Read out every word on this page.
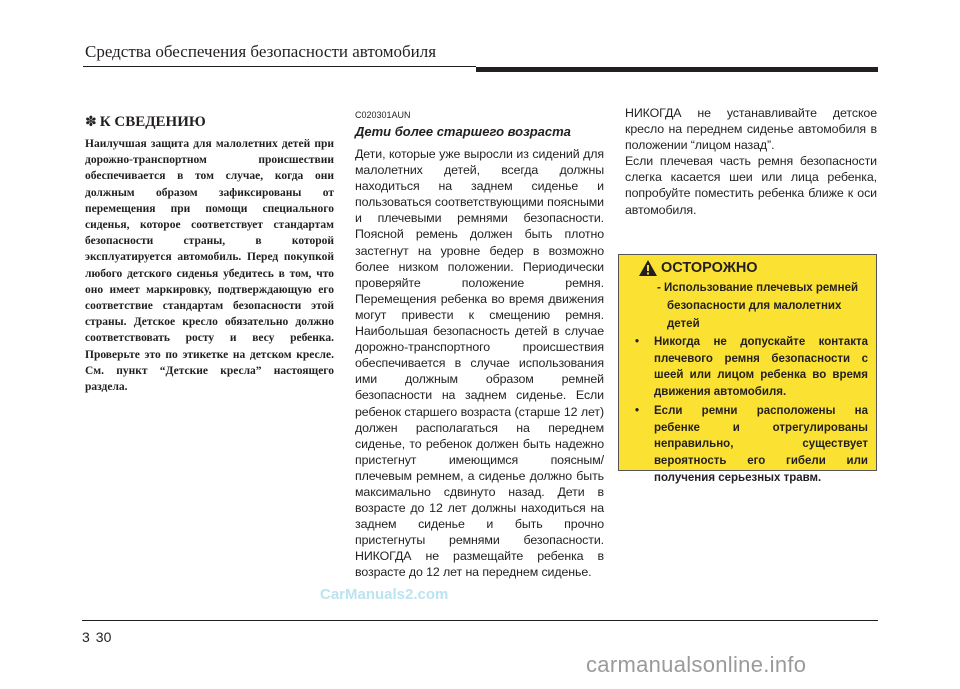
Средства обеспечения безопасности автомобиля
✽ К СВЕДЕНИЮ

Наилучшая защита для малолетних детей при дорожно-транспортном происшествии обеспечивается в том случае, когда они должным образом зафиксированы от перемещения при помощи специального сиденья, которое соответствует стандартам безопасности страны, в которой эксплуатируется автомобиль. Перед покупкой любого детского сиденья убедитесь в том, что оно имеет маркировку, подтверждающую его соответствие стандартам безопасности этой страны. Детское кресло обязательно должно соответствовать росту и весу ребенка. Проверьте это по этикетке на детском кресле. См. пункт “Детские кресла” настоящего раздела.

C020301AUN
Дети более старшего возраста

Дети, которые уже выросли из сидений для малолетних детей, всегда должны находиться на заднем сиденье и пользоваться соответствующими поясными и плечевыми ремнями безопасности. Поясной ремень должен быть плотно застегнут на уровне бедер в возможно более низком положении. Периодически проверяйте положение ремня. Перемещения ребенка во время движения могут привести к смещению ремня. Наибольшая безопасность детей в случае дорожно-транспортного происшествия обеспечивается в случае использования ими должным образом ремней безопасности на заднем сиденье. Если ребенок старшего возраста (старше 12 лет) должен располагаться на переднем сиденье, то ребенок должен быть надежно пристегнут имеющимся поясным/ плечевым ремнем, а сиденье должно быть максимально сдвинуто назад. Дети в возрасте до 12 лет должны находиться на заднем сиденье и быть прочно пристегнуты ремнями безопасности. НИКОГДА не размещайте ребенка в возрасте до 12 лет на переднем сиденье.

НИКОГДА не устанавливайте детское кресло на переднем сиденье автомобиля в положении “лицом назад”.

Если плечевая часть ремня безопасности слегка касается шеи или лица ребенка, попробуйте поместить ребенка ближе к оси автомобиля.

ОСТОРОЖНО

- Использование плечевых ремней безопасности для малолетних детей

• Никогда не допускайте контакта плечевого ремня безопасности с шеей или лицом ребенка во время движения автомобиля.
• Если ремни расположены на ребенке и отрегулированы неправильно, существует вероятность его гибели или получения серьезных травм.
CarManuals2.com
3 30
carmanualsonline.info
